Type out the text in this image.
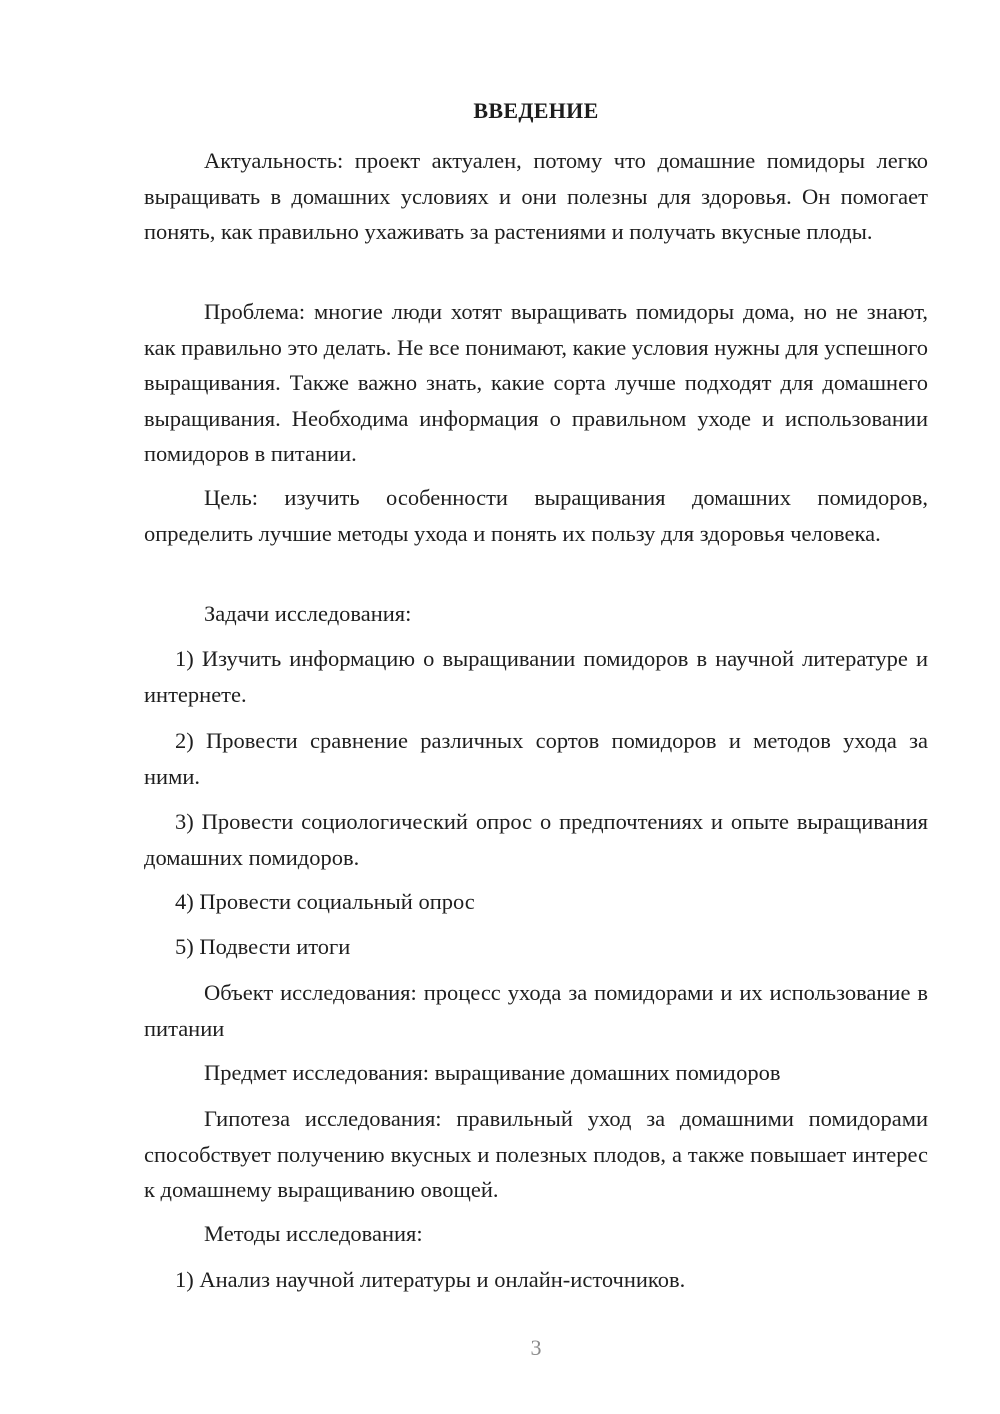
ВВЕДЕНИЕ

Актуальность: проект актуален, потому что домашние помидоры легко выращивать в домашних условиях и они полезны для здоровья. Он помогает понять, как правильно ухаживать за растениями и получать вкусные плоды.

Проблема: многие люди хотят выращивать помидоры дома, но не знают, как правильно это делать. Не все понимают, какие условия нужны для успешного выращивания. Также важно знать, какие сорта лучше подходят для домашнего выращивания. Необходима информация о правильном уходе и использовании помидоров в питании.

Цель: изучить особенности выращивания домашних помидоров, определить лучшие методы ухода и понять их пользу для здоровья человека.

Задачи исследования:

1) Изучить информацию о выращивании помидоров в научной литературе и интернете.

2) Провести сравнение различных сортов помидоров и методов ухода за ними.

3) Провести социологический опрос о предпочтениях и опыте выращивания домашних помидоров.

4) Провести социальный опрос

5) Подвести итоги

Объект исследования: процесс ухода за помидорами и их использование в питании

Предмет исследования: выращивание домашних помидоров

Гипотеза исследования: правильный уход за домашними помидорами способствует получению вкусных и полезных плодов, а также повышает интерес к домашнему выращиванию овощей.

Методы исследования:

1) Анализ научной литературы и онлайн-источников.

3
